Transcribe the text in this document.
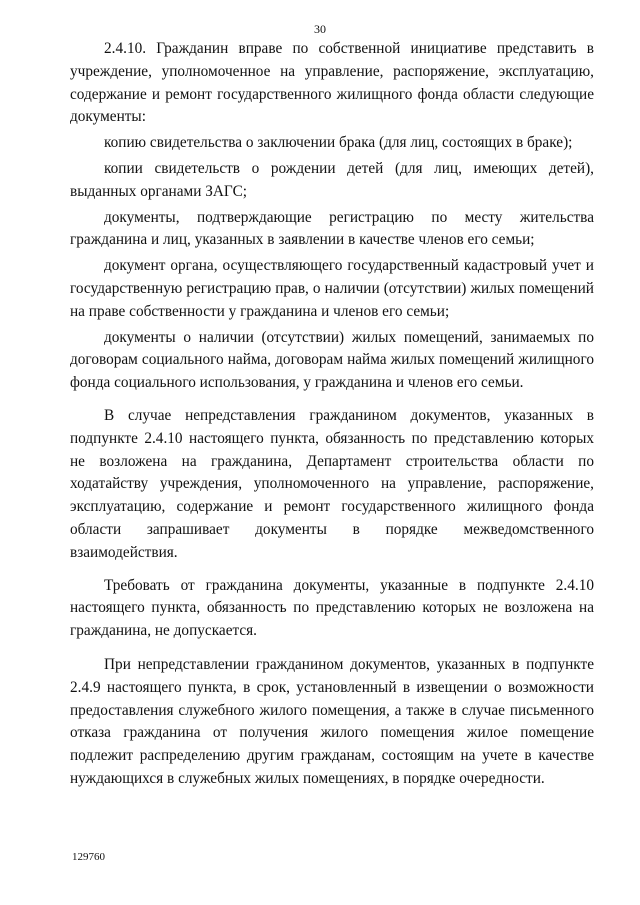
30

2.4.10. Гражданин вправе по собственной инициативе представить в учреждение, уполномоченное на управление, распоряжение, эксплуатацию, содержание и ремонт государственного жилищного фонда области следующие документы:

копию свидетельства о заключении брака (для лиц, состоящих в браке);

копии свидетельств о рождении детей (для лиц, имеющих детей), выданных органами ЗАГС;

документы, подтверждающие регистрацию по месту жительства гражданина и лиц, указанных в заявлении в качестве членов его семьи;

документ органа, осуществляющего государственный кадастровый учет и государственную регистрацию прав, о наличии (отсутствии) жилых помещений на праве собственности у гражданина и членов его семьи;

документы о наличии (отсутствии) жилых помещений, занимаемых по договорам социального найма, договорам найма жилых помещений жилищного фонда социального использования, у гражданина и членов его семьи.

В случае непредставления гражданином документов, указанных в подпункте 2.4.10 настоящего пункта, обязанность по представлению которых не возложена на гражданина, Департамент строительства области по ходатайству учреждения, уполномоченного на управление, распоряжение, эксплуатацию, содержание и ремонт государственного жилищного фонда области запрашивает документы в порядке межведомственного взаимодействия.

Требовать от гражданина документы, указанные в подпункте 2.4.10 настоящего пункта, обязанность по представлению которых не возложена на гражданина, не допускается.

При непредставлении гражданином документов, указанных в подпункте 2.4.9 настоящего пункта, в срок, установленный в извещении о возможности предоставления служебного жилого помещения, а также в случае письменного отказа гражданина от получения жилого помещения жилое помещение подлежит распределению другим гражданам, состоящим на учете в качестве нуждающихся в служебных жилых помещениях, в порядке очередности.

129760
